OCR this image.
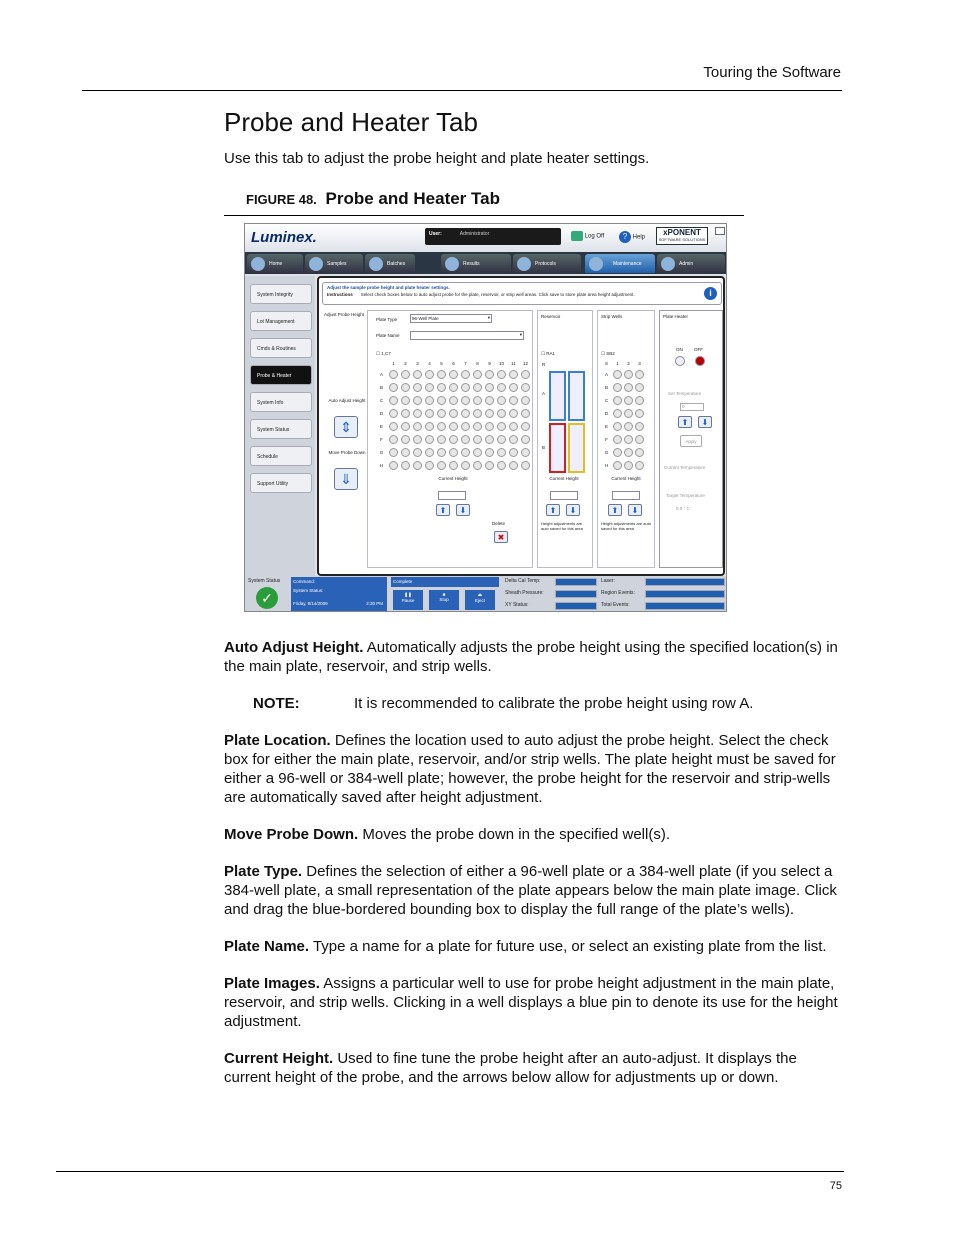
Touring the Software
Probe and Heater Tab
Use this tab to adjust the probe height and plate heater settings.
FIGURE 48. Probe and Heater Tab
Luminex.	User:	Administrator	Log Off	? Help
xPONENT
SOFTWARE SOLUTIONS
Home	Samples	Batches	Results	Protocols	Maintenance	Admin
System Integrity
Lot Management
Cmds & Routines
Probe & Heater
System Info
System Status
Schedule
Support Utility
Adjust the sample probe height and plate heater settings.
Instructions Select check boxes below to auto adjust probe for the plate, reservoir, or strip well areas. Click save to store plate area height adjustment.	i
Adjust Probe Height
Auto Adjust Height
⇕
Move Probe Down
⇓
Plate Type	96-Well Plate	▾
Plate Name	▾
☐ 1,C7
1	2	3	4	5	6	7	8	9	10	11	12
A
B
C
D
E
F
G
H
Current Height
⬆	⬇
Delete
✖
Reservoir
☐ RA1
R
A
B
Current Height
⬆	⬇
Height adjustments are auto saved for this area
Strip Wells
☐ SB2
S	1	2	3
A
B
C
D
E
F
G
H
Current Height
⬆	⬇
Height adjustments are auto saved for this area
Plate Heater
ON	OFF
Set Temperature
0
⬆	⬇
Apply
Current Temperature
Target Temperature
0.0 ° C
System Status
✓
Command:
System Status:
Friday, 9/14/2009	2:30 PM
Complete
❚❚
Pause
■
Stop
⏏
Eject
Delta Cal Temp:
Sheath Pressure:
XY Status:
Laser:
Region Events:
Total Events:

Auto Adjust Height. Automatically adjusts the probe height using the specified location(s) in the main plate, reservoir, and strip wells.

NOTE:	It is recommended to calibrate the probe height using row A.

Plate Location. Defines the location used to auto adjust the probe height. Select the check box for either the main plate, reservoir, and/or strip wells. The plate height must be saved for either a 96-well or 384-well plate; however, the probe height for the reservoir and strip-wells are automatically saved after height adjustment.

Move Probe Down. Moves the probe down in the specified well(s).

Plate Type. Defines the selection of either a 96-well plate or a 384-well plate (if you select a 384-well plate, a small representation of the plate appears below the main plate image. Click and drag the blue-bordered bounding box to display the full range of the plate’s wells).

Plate Name. Type a name for a plate for future use, or select an existing plate from the list.

Plate Images. Assigns a particular well to use for probe height adjustment in the main plate, reservoir, and strip wells. Clicking in a well displays a blue pin to denote its use for the height adjustment.

Current Height. Used to fine tune the probe height after an auto-adjust. It displays the current height of the probe, and the arrows below allow for adjustments up or down.

75
